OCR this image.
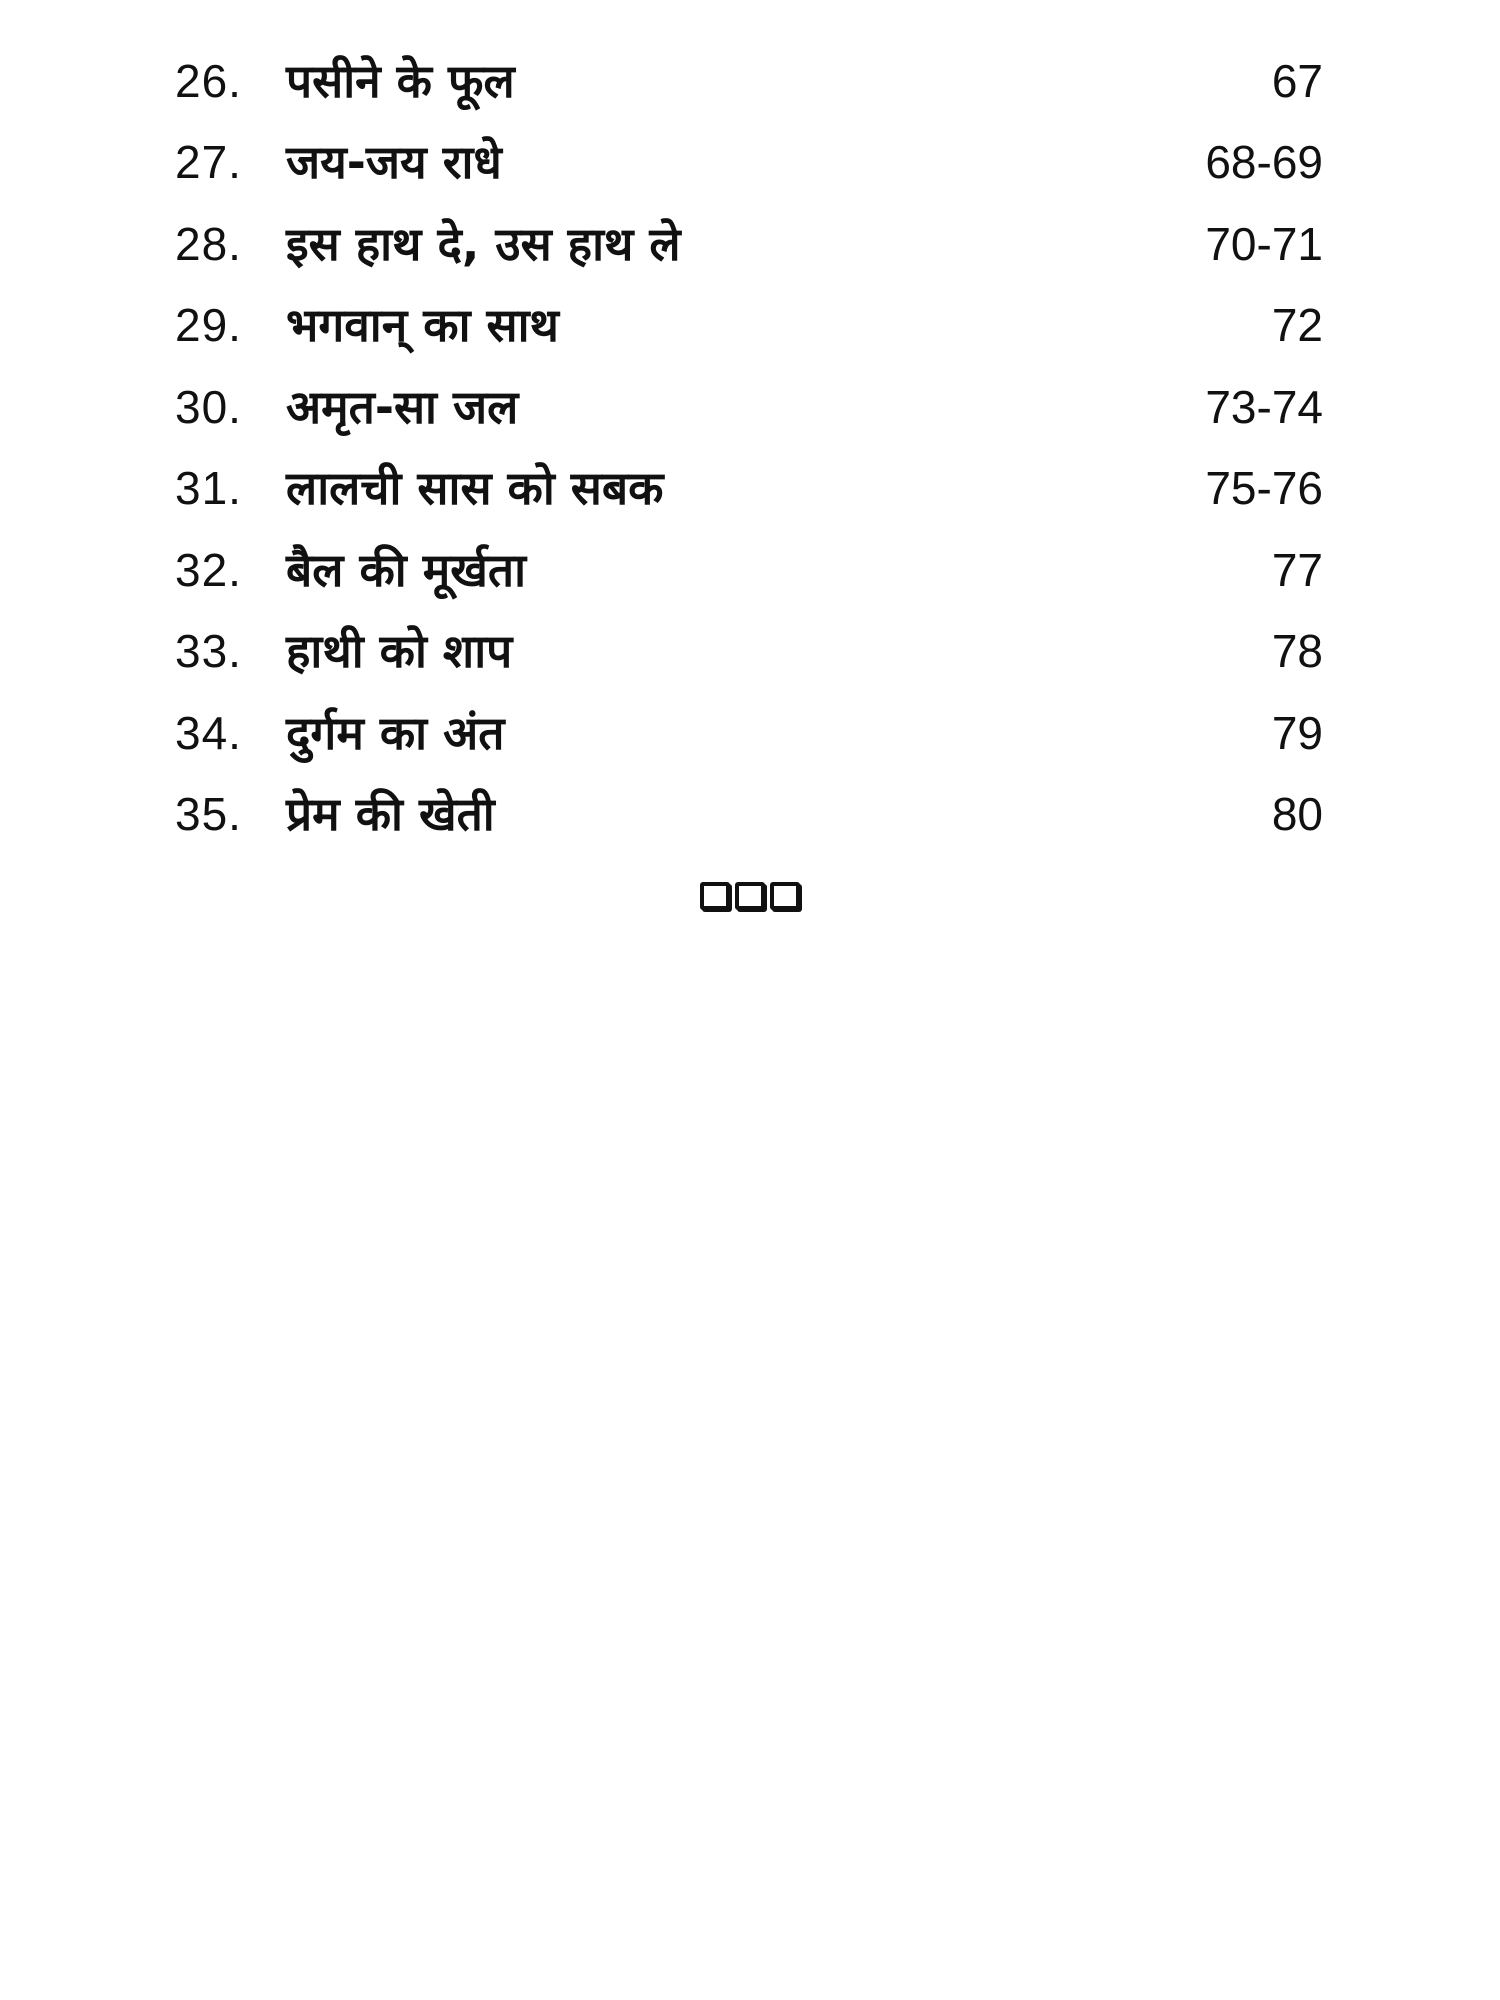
26. पसीने के फूल	67
27. जय-जय राधे	68-69
28. इस हाथ दे, उस हाथ ले	70-71
29. भगवान् का साथ	72
30. अमृत-सा जल	73-74
31. लालची सास को सबक	75-76
32. बैल की मूर्खता	77
33. हाथी को शाप	78
34. दुर्गम का अंत	79
35. प्रेम की खेती	80
